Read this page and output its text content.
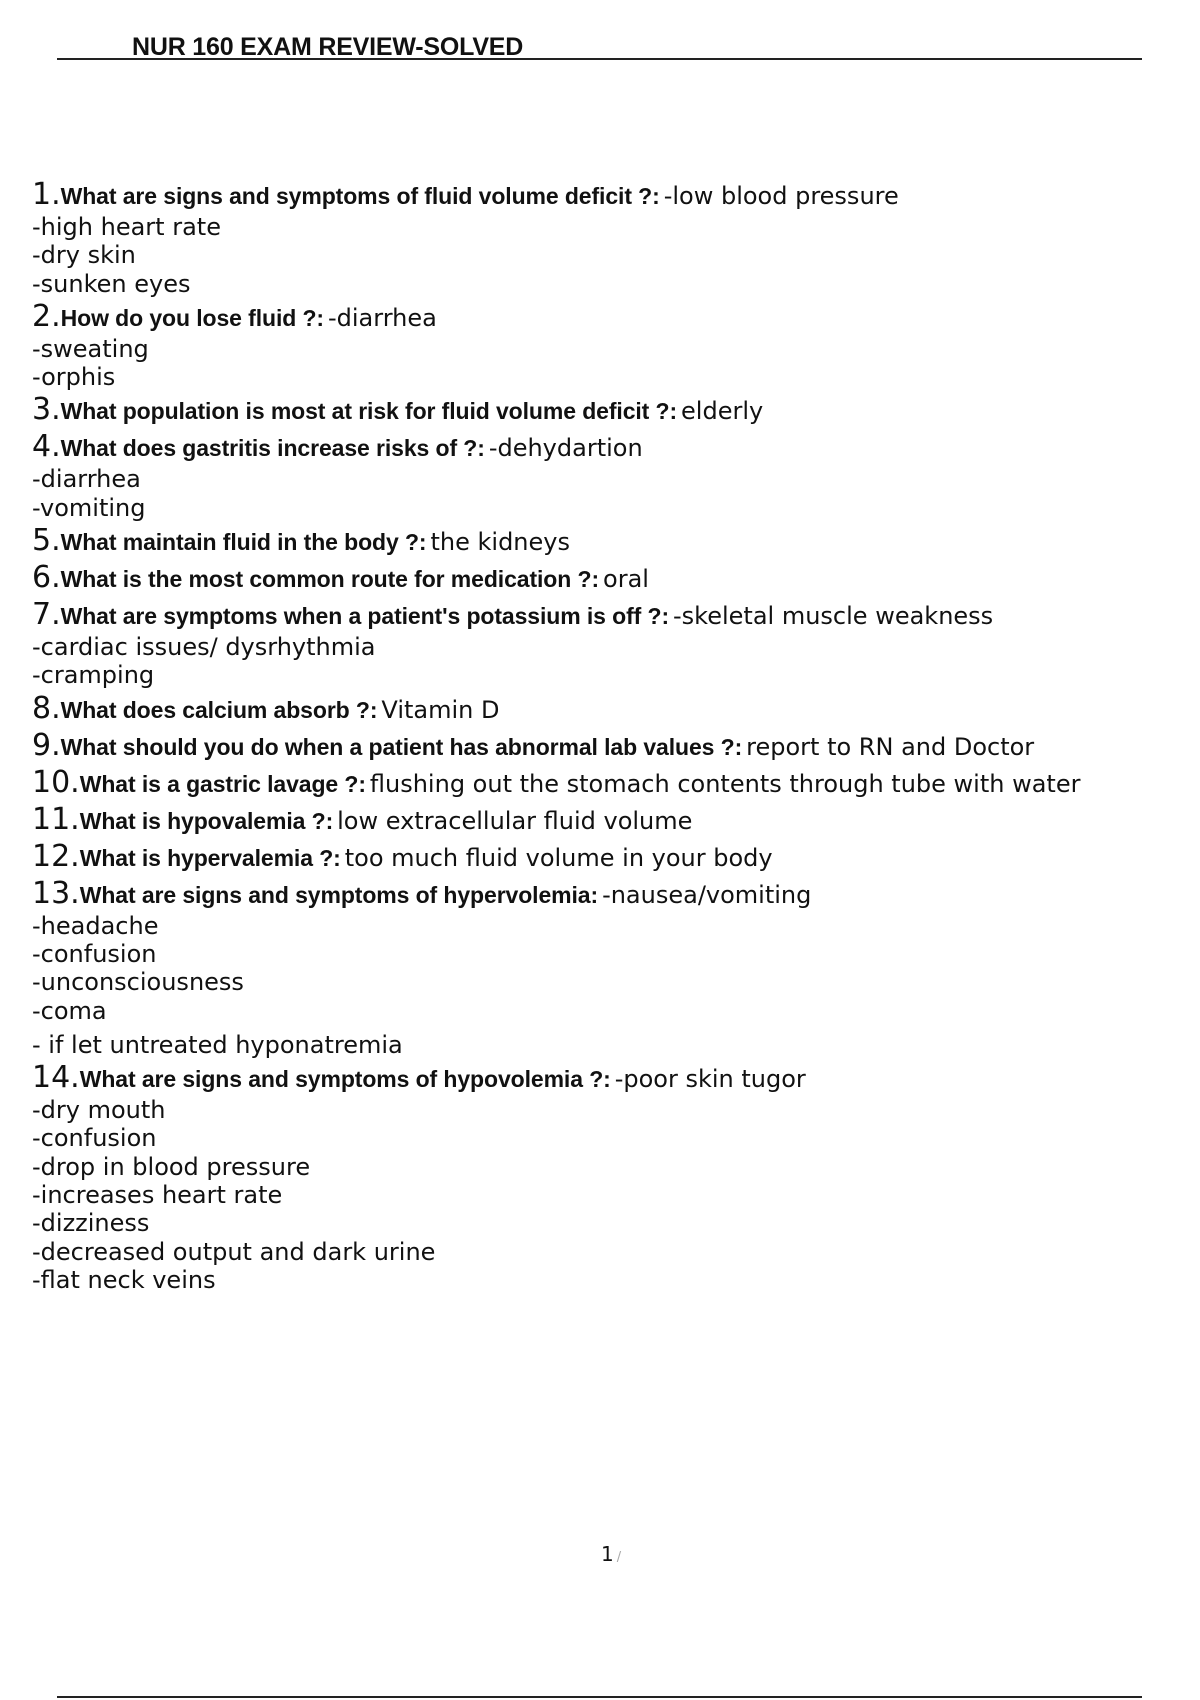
NUR 160 EXAM REVIEW-SOLVED
1.What are signs and symptoms of fluid volume deficit ?: -low blood pressure
-high heart rate
-dry skin
-sunken eyes
2.How do you lose fluid ?: -diarrhea
-sweating
-orphis
3.What population is most at risk for fluid volume deficit ?: elderly
4.What does gastritis increase risks of ?: -dehydartion
-diarrhea
-vomiting
5.What maintain fluid in the body ?: the kidneys
6.What is the most common route for medication ?: oral
7.What are symptoms when a patient's potassium is off ?: -skeletal muscle weakness
-cardiac issues/ dysrhythmia
-cramping
8.What does calcium absorb ?: Vitamin D
9.What should you do when a patient has abnormal lab values ?: report to RN and Doctor
10.What is a gastric lavage ?: flushing out the stomach contents through tube with water
11.What is hypovalemia ?: low extracellular fluid volume
12.What is hypervalemia ?: too much fluid volume in your body
13.What are signs and symptoms of hypervolemia: -nausea/vomiting
-headache
-confusion
-unconsciousness
-coma
- if let untreated hyponatremia
14.What are signs and symptoms of hypovolemia ?: -poor skin tugor
-dry mouth
-confusion
-drop in blood pressure
-increases heart rate
-dizziness
-decreased output and dark urine
-flat neck veins
1 /
